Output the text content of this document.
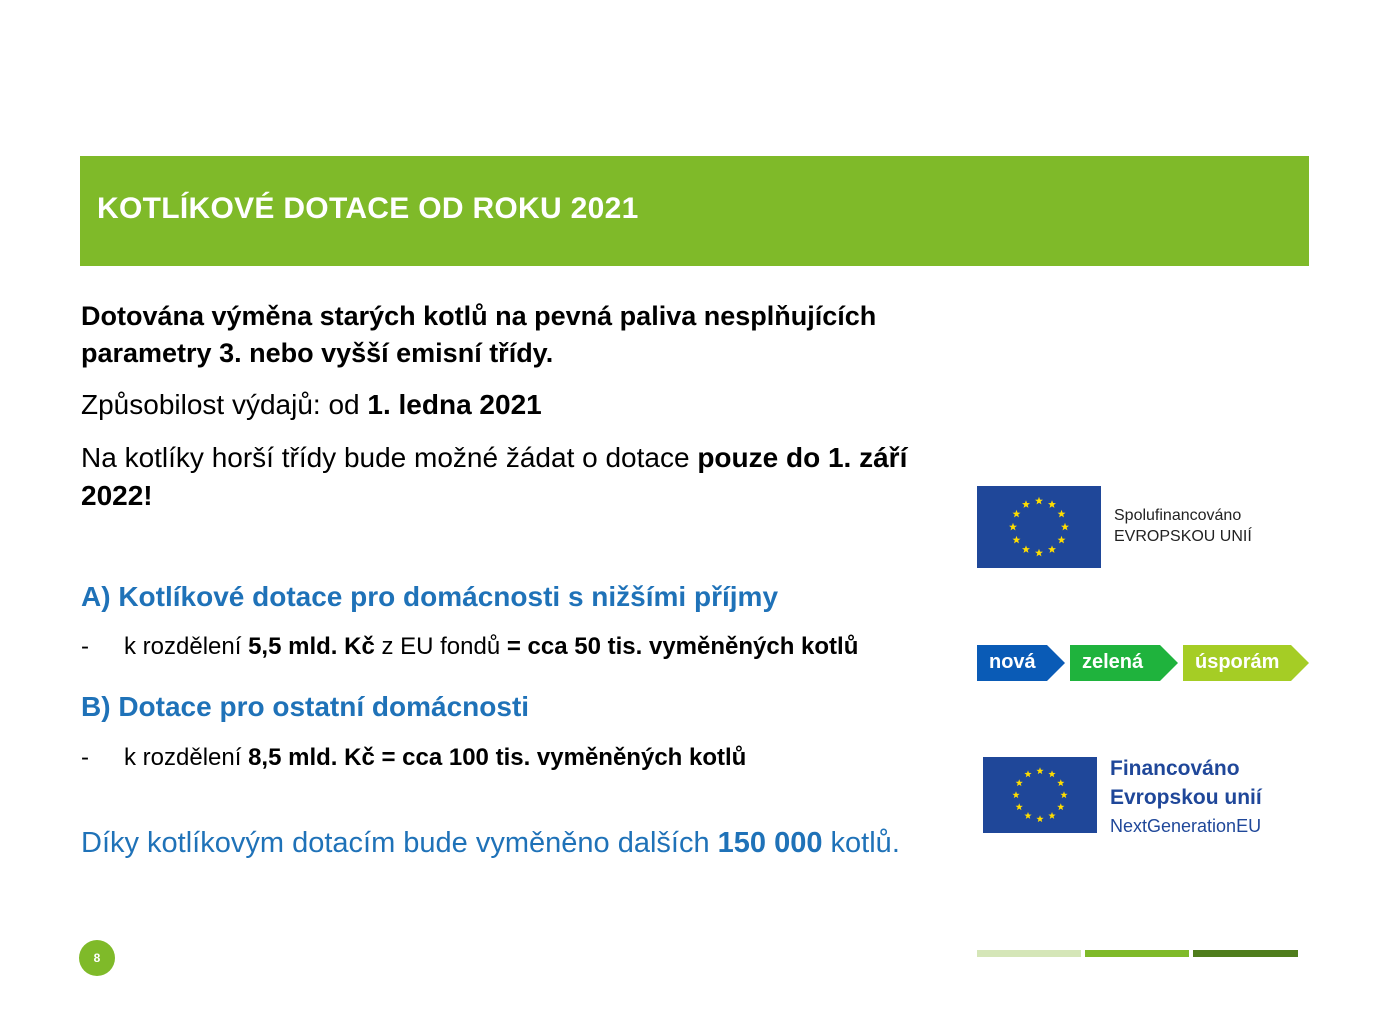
KOTLÍKOVÉ DOTACE OD ROKU 2021
Dotována výměna starých kotlů na pevná paliva nesplňujících parametry 3. nebo vyšší emisní třídy.
Způsobilost výdajů: od 1. ledna 2021
Na kotlíky horší třídy bude možné žádat o dotace pouze do 1. září 2022!
A) Kotlíkové dotace pro domácnosti s nižšími příjmy
- k rozdělení 5,5 mld. Kč z EU fondů = cca 50 tis. vyměněných kotlů
B) Dotace pro ostatní domácnosti
- k rozdělení 8,5 mld. Kč = cca 100 tis. vyměněných kotlů
Díky kotlíkovým dotacím bude vyměněno dalších 150 000 kotlů.
8
Spolufinancováno
EVROPSKOU UNIÍ
nová zelená	úsporám
Financováno
Evropskou unií
NextGenerationEU
